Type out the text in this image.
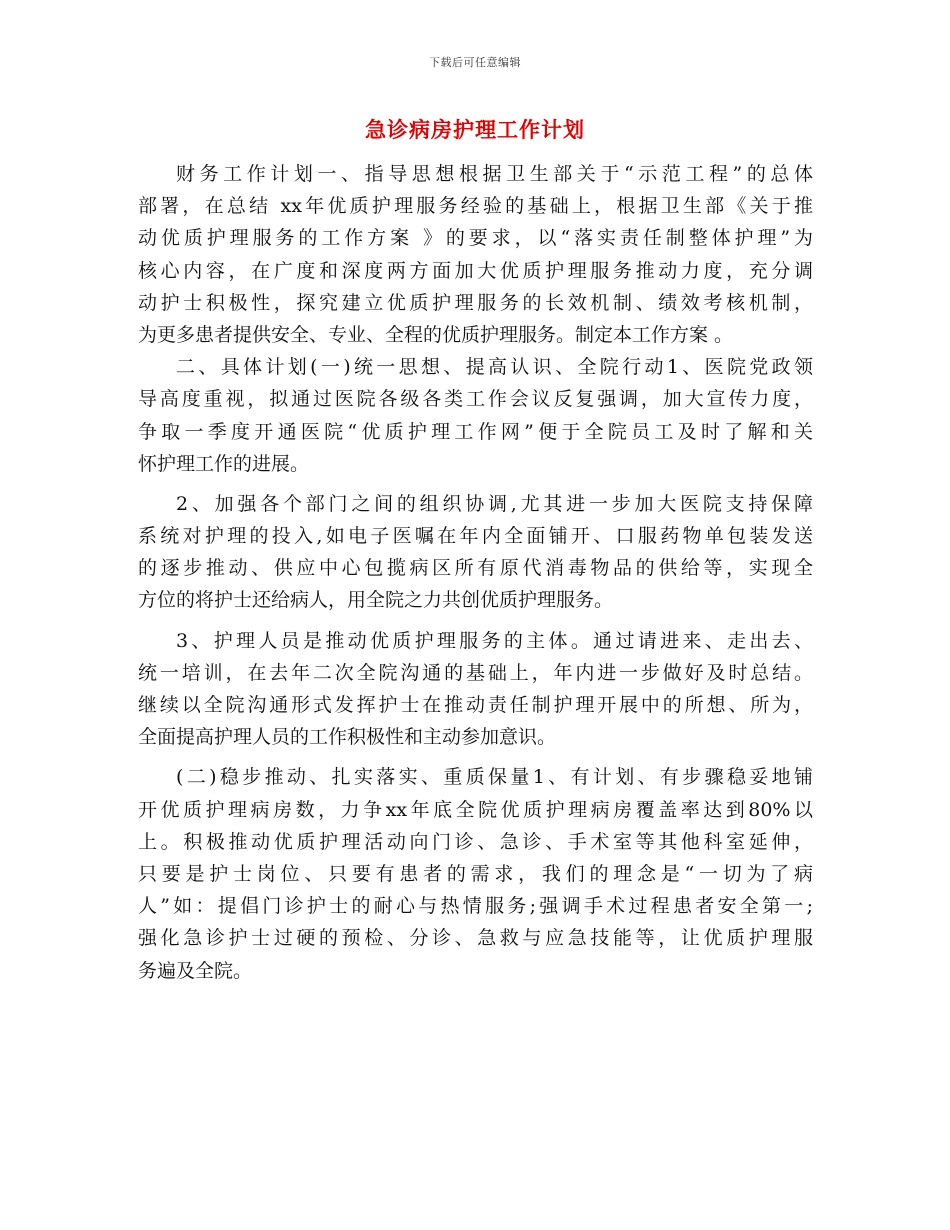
下载后可任意编辑
急诊病房护理工作计划
财务工作计划一、指导思想根据卫生部关于“示范工程”的总体
部署，在总结 xx年优质护理服务经验的基础上，根据卫生部《关于推
动优质护理服务的工作方案 》的要求，以“落实责任制整体护理”为
核心内容，在广度和深度两方面加大优质护理服务推动力度，充分调
动护士积极性，探究建立优质护理服务的长效机制、绩效考核机制，
为更多患者提供安全、专业、全程的优质护理服务。制定本工作方案 。
二、具体计划(一)统一思想、提高认识、全院行动1、医院党政领
导高度重视，拟通过医院各级各类工作会议反复强调，加大宣传力度，
争取一季度开通医院“优质护理工作网”便于全院员工及时了解和关
怀护理工作的进展。
2、加强各个部门之间的组织协调,尤其进一步加大医院支持保障
系统对护理的投入,如电子医嘱在年内全面铺开、口服药物单包装发送
的逐步推动、供应中心包揽病区所有原代消毒物品的供给等，实现全
方位的将护士还给病人，用全院之力共创优质护理服务。
3、护理人员是推动优质护理服务的主体。通过请进来、走出去、
统一培训，在去年二次全院沟通的基础上，年内进一步做好及时总结。
继续以全院沟通形式发挥护士在推动责任制护理开展中的所想、所为，
全面提高护理人员的工作积极性和主动参加意识。
(二)稳步推动、扎实落实、重质保量1、有计划、有步骤稳妥地铺
开优质护理病房数，力争xx年底全院优质护理病房覆盖率达到80%以
上。积极推动优质护理活动向门诊、急诊、手术室等其他科室延伸，
只要是护士岗位、只要有患者的需求，我们的理念是“一切为了病
人”如：提倡门诊护士的耐心与热情服务;强调手术过程患者安全第一;
强化急诊护士过硬的预检、分诊、急救与应急技能等，让优质护理服
务遍及全院。
